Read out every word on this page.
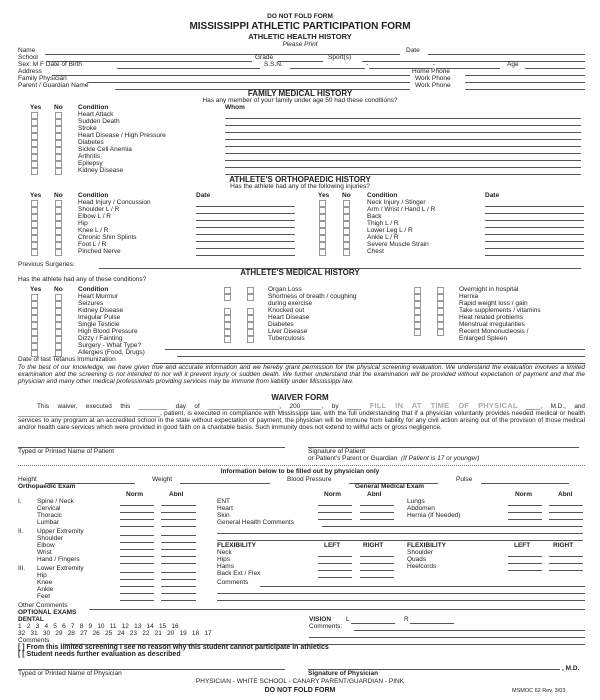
DO NOT FOLD FORM
MISSISSIPPI ATHLETIC PARTICIPATION FORM
ATHLETIC HEALTH HISTORY
Please Print
Name	Date
School	Grade	Sport(s)
Sex: M F Date of Birth	S.S.N.	-	-	Age
Address	Home Phone
Family Physician	Work Phone
Parent / Guardian Name	Work Phone
FAMILY MEDICAL HISTORY
Has any member of your family under age 50 had these conditions?
Yes No Condition	Whom
Heart Attack
Sudden Death
Stroke
Heart Disease / High Pressure
Diabetes
Sickle Cell Anemia
Arthritis
Epilepsy
Kidney Disease
ATHLETE'S ORTHOPAEDIC HISTORY
Has the athlete had any of the following injuries?
Yes No Condition	Date
Head Injury / Concussion
Shoulder L / R
Elbow L / R
Hip
Knee L / R
Chronic Shin Splints
Foot L / R
Pinched Nerve
Yes No	Condition	Date
Neck Injury / Stinger
Arm / Wrist / Hand L / R
Back
Thigh L / R
Lower Leg L / R
Ankle L / R
Severe Muscle Strain
Chest
Previous Surgeries:
ATHLETE'S MEDICAL HISTORY
Has the athlete had any of these conditions?
Yes No Condition
Heart Murmur
Seizures
Kidney Disease
Irregular Pulse
Single Testicle
High Blood Pressure
Dizzy / Fainting
Surgery - What Type?
Allergies (Food, Drugs)
Organ Loss
Shortness of breath / coughing
during exercise
Knocked out
Heart Disease
Diabetes
Liver Disease
Tuberculosis
Overnight in hospital
Hernia
Rapid weight loss / gain
Take supplements / vitamins
Heat related problems
Menstrual irregularities
Recent Mononucleosis /
Enlarged Spleen
Date of last Tetanus Immunization
To the best of our knowledge, we have given true and accurate information and we hereby grant permission for the physical screening evaluation. We understand the evaluation involves a limited examination and the screening is not intended to nor will it prevent injury or sudden death. We further understand that the examination will be provided without expectation of payment and that the physician and many other medical professionals providing services may be immune from liability under Mississippi law.
WAIVER FORM
This waiver, executed this ________ day of ____________________, 200______, by ____ FILL IN AT TIME OF PHYSICAL ____, M.D., and ________________________________________, patient, is executed in compliance with Mississippi law, with the full understanding that if a physician voluntarily provides needed medical or health services to any program at an accredited school in the state without expectation of payment, the physician will be immune from liability for any civil action arising out of the provision of those medical and/or health care services which were provided in good faith on a charitable basis. Such immunity does not extend to willful acts or gross negligence.
Typed or Printed Name of Patient	Signature of Patient
or Patient's Parent or Guardian (If Patient is 17 or younger)
Information below to be filled out by physician only
Height	Weight	Blood Pressure	Pulse
Orthopaedic Exam	General Medical Exam
Norm	Abnl	Norm	Abnl	Norm	Abnl
I. Spine / Neck
Cervical
Thoracic
Lumbar
II. Upper Extremity
Shoulder
Elbow
Wrist
Hand / Fingers
III. Lower Extremity
Hip
Knee
Ankle
Feet
ENT
Heart
Skin
Lungs
Abdomen
Hernia (If Needed)
General Health Comments
FLEXIBILITY	LEFT	RIGHT	FLEXIBILITY	LEFT	RIGHT
Neck
Hips
Hams
Back Ext / Flex
Shoulder
Quads
Heelcords
Comments
Other Comments
OPTIONAL EXAMS
DENTAL
1 2 3 4 5 6 7 8 9 10 11 12 13 14 15 16
32 31 30 29 28 27 26 25 24 23 22 21 20 19 18 17
VISION L	R
Comments:
Comments
[ ] From this limited screening I see no reason why this student cannot participate in athletics
[ [ Student needs further evaluation as described
, M.D.
Typed or Printed Name of Physician	Signature of Physician
PHYSICIAN - WHITE SCHOOL - CANARY PARENT/GUARDIAN - PINK
DO NOT FOLD FORM	MSMOC 62 Rev. 3/03
